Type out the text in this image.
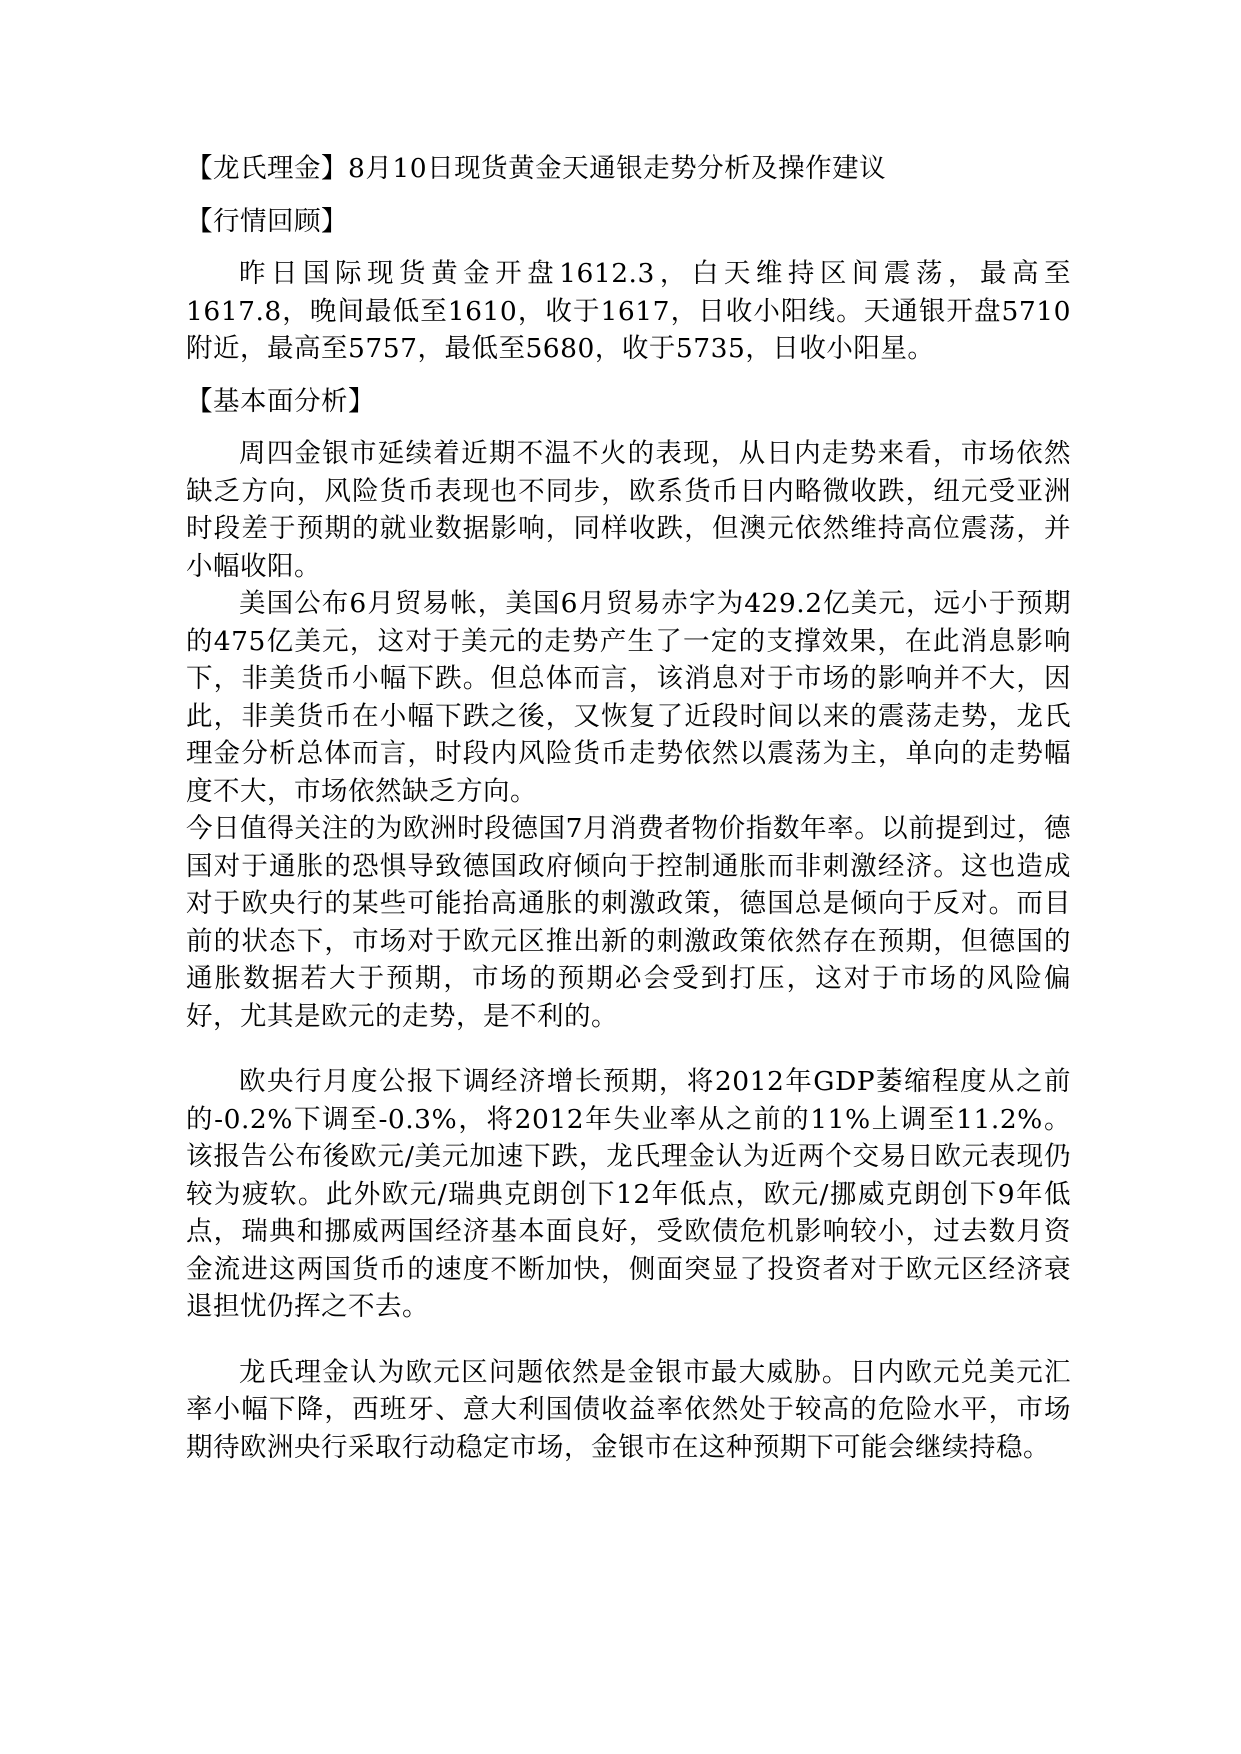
【龙氏理金】8月10日现货黄金天通银走势分析及操作建议
【行情回顾】

昨日国际现货黄金开盘1612.3，白天维持区间震荡，最高至1617.8，晚间最低至1610，收于1617，日收小阳线。天通银开盘5710附近，最高至5757，最低至5680，收于5735，日收小阳星。

【基本面分析】

周四金银市延续着近期不温不火的表现，从日内走势来看，市场依然缺乏方向，风险货币表现也不同步，欧系货币日内略微收跌，纽元受亚洲时段差于预期的就业数据影响，同样收跌，但澳元依然维持高位震荡，并小幅收阳。

美国公布6月贸易帐，美国6月贸易赤字为429.2亿美元，远小于预期的475亿美元，这对于美元的走势产生了一定的支撑效果，在此消息影响下，非美货币小幅下跌。但总体而言，该消息对于市场的影响并不大，因此，非美货币在小幅下跌之後，又恢复了近段时间以来的震荡走势，龙氏理金分析总体而言，时段内风险货币走势依然以震荡为主，单向的走势幅度不大，市场依然缺乏方向。

今日值得关注的为欧洲时段德国7月消费者物价指数年率。以前提到过，德国对于通胀的恐惧导致德国政府倾向于控制通胀而非刺激经济。这也造成对于欧央行的某些可能抬高通胀的刺激政策，德国总是倾向于反对。而目前的状态下，市场对于欧元区推出新的刺激政策依然存在预期，但德国的通胀数据若大于预期，市场的预期必会受到打压，这对于市场的风险偏好，尤其是欧元的走势，是不利的。

欧央行月度公报下调经济增长预期，将2012年GDP萎缩程度从之前的-0.2%下调至-0.3%，将2012年失业率从之前的11%上调至11.2%。该报告公布後欧元/美元加速下跌，龙氏理金认为近两个交易日欧元表现仍较为疲软。此外欧元/瑞典克朗创下12年低点，欧元/挪威克朗创下9年低点，瑞典和挪威两国经济基本面良好，受欧债危机影响较小，过去数月资金流进这两国货币的速度不断加快，侧面突显了投资者对于欧元区经济衰退担忧仍挥之不去。

龙氏理金认为欧元区问题依然是金银市最大威胁。日内欧元兑美元汇率小幅下降，西班牙、意大利国债收益率依然处于较高的危险水平，市场期待欧洲央行采取行动稳定市场，金银市在这种预期下可能会继续持稳。
